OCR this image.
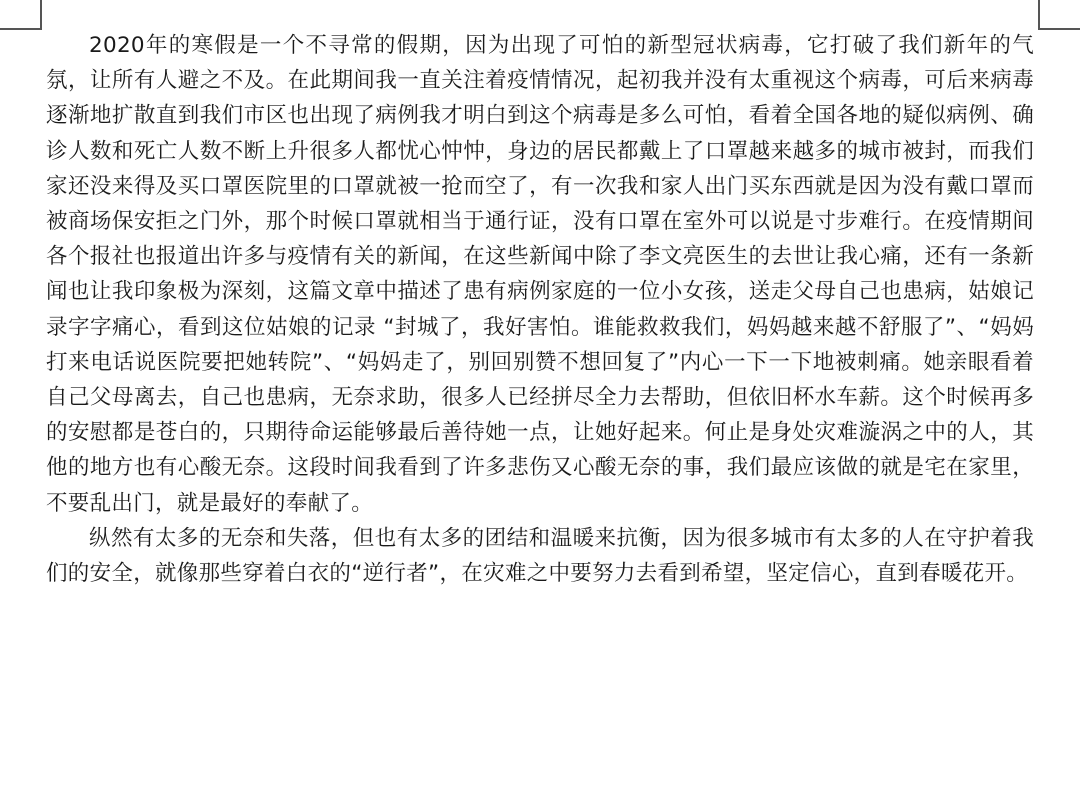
2020年的寒假是一个不寻常的假期，因为出现了可怕的新型冠状病毒，它打破了我们新年的气氛，让所有人避之不及。在此期间我一直关注着疫情情况，起初我并没有太重视这个病毒，可后来病毒逐渐地扩散直到我们市区也出现了病例我才明白到这个病毒是多么可怕，看着全国各地的疑似病例、确诊人数和死亡人数不断上升很多人都忧心忡忡，身边的居民都戴上了口罩越来越多的城市被封，而我们家还没来得及买口罩医院里的口罩就被一抢而空了，有一次我和家人出门买东西就是因为没有戴口罩而被商场保安拒之门外，那个时候口罩就相当于通行证，没有口罩在室外可以说是寸步难行。在疫情期间各个报社也报道出许多与疫情有关的新闻，在这些新闻中除了李文亮医生的去世让我心痛，还有一条新闻也让我印象极为深刻，这篇文章中描述了患有病例家庭的一位小女孩，送走父母自己也患病，姑娘记录字字痛心，看到这位姑娘的记录 “封城了，我好害怕。谁能救救我们，妈妈越来越不舒服了”、“妈妈打来电话说医院要把她转院”、“妈妈走了，别回别赞不想回复了”内心一下一下地被刺痛。她亲眼看着自己父母离去，自己也患病，无奈求助，很多人已经拼尽全力去帮助，但依旧杯水车薪。这个时候再多的安慰都是苍白的，只期待命运能够最后善待她一点，让她好起来。何止是身处灾难漩涡之中的人，其他的地方也有心酸无奈。这段时间我看到了许多悲伤又心酸无奈的事，我们最应该做的就是宅在家里，不要乱出门，就是最好的奉献了。

纵然有太多的无奈和失落，但也有太多的团结和温暖来抗衡，因为很多城市有太多的人在守护着我们的安全，就像那些穿着白衣的“逆行者”，在灾难之中要努力去看到希望，坚定信心，直到春暖花开。
